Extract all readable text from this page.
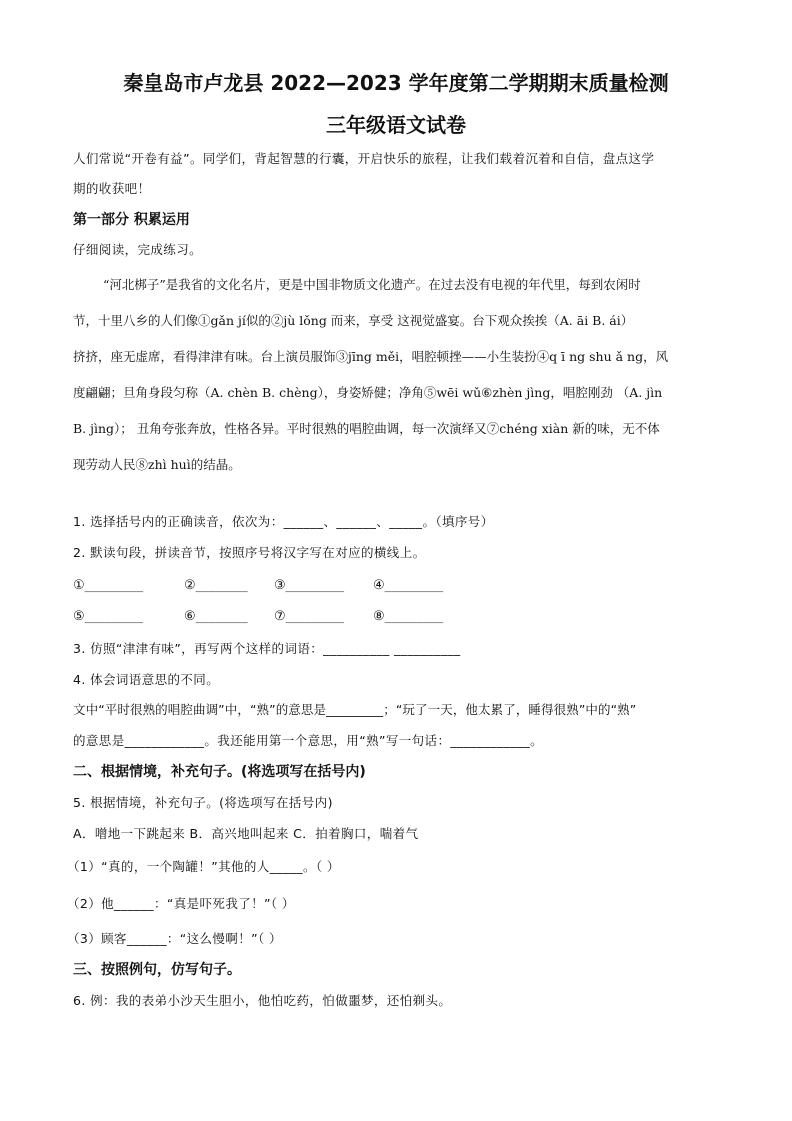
秦皇岛市卢龙县 2022—2023 学年度第二学期期末质量检测
三年级语文试卷
人们常说“开卷有益”。同学们，背起智慧的行囊，开启快乐的旅程，让我们载着沉着和自信，盘点这学
期的收获吧！
第一部分 积累运用
仔细阅读，完成练习。
“河北梆子”是我省的文化名片，更是中国非物质文化遗产。在过去没有电视的年代里，每到农闲时
节，十里八乡的人们像①gǎn jí似的②jù lǒng 而来，享受 这视觉盛宴。台下观众挨挨（A. āi B. ái）
挤挤，座无虚席，看得津津有味。台上演员服饰③jīng měi，唱腔顿挫——小生装扮④q ī ng shu ǎ ng，风
度翩翩；旦角身段匀称（A. chèn B. chèng），身姿矫健；净角⑤wēi wǔ⑥zhèn jìng，唱腔刚劲 （A. jìn
B. jìng）； 丑角夸张奔放，性格各异。平时很熟的唱腔曲调，每一次演绎又⑦chéng xiàn 新的味，无不体
现劳动人民⑧zhì huì的结晶。
1. 选择括号内的正确读音，依次为：______、______、_____。（填序号）
2. 默读句段，拼读音节，按照序号将汉字写在对应的横线上。
①_________	②________ ③_________ ④_________
⑤_________	⑥________ ⑦_________ ⑧_________
3. 仿照“津津有味”，再写两个这样的词语：__________ __________
4. 体会词语意思的不同。
文中“平时很熟的唱腔曲调”中，“熟”的意思是_________；“玩了一天，他太累了，睡得很熟”中的“熟”
的意思是____________。我还能用第一个意思，用“熟”写一句话：____________。
二、根据情境，补充句子。(将选项写在括号内)
5. 根据情境，补充句子。(将选项写在括号内)
A．噌地一下跳起来 B．高兴地叫起来 C．拍着胸口，喘着气
（1）“真的，一个陶罐！”其他的人_____。（ ）
（2）他______：“真是吓死我了！”（ ）
（3）顾客______：“这么慢啊！”（ ）
三、按照例句，仿写句子。
6. 例：我的表弟小沙天生胆小，他怕吃药，怕做噩梦，还怕剃头。
